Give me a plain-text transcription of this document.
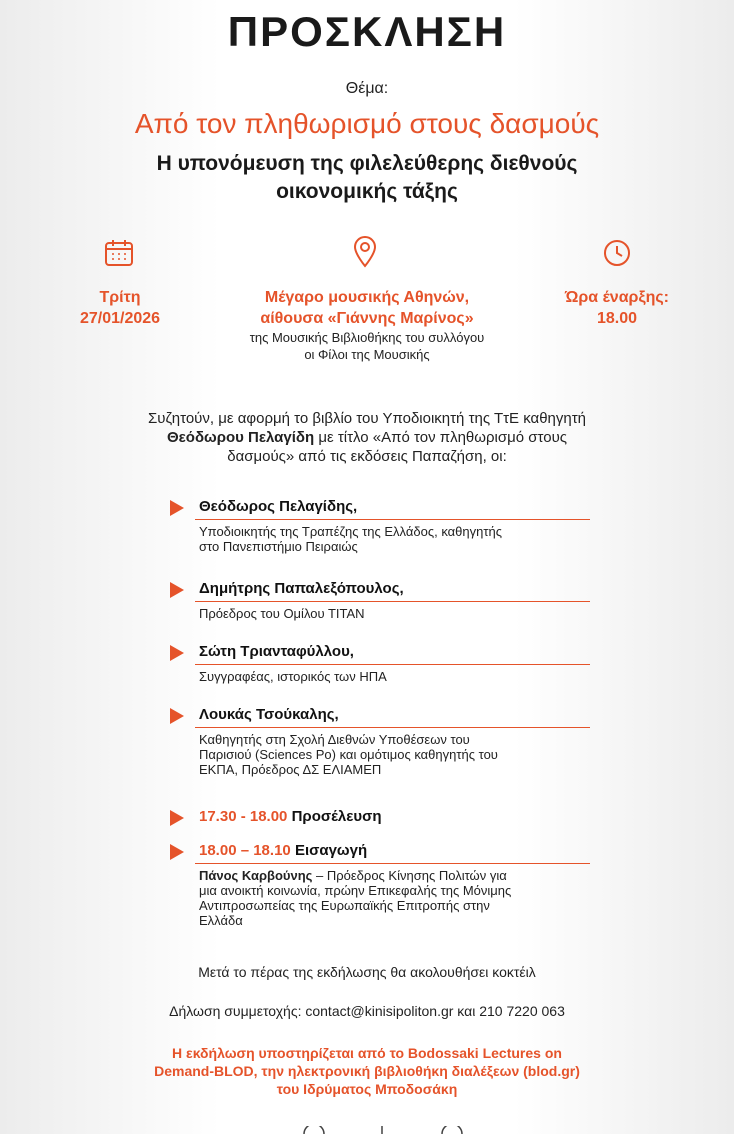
ΠΡΟΣΚΛΗΣΗ
Θέμα:
Από τον πληθωρισμό στους δασμούς
Η υπονόμευση της φιλελεύθερης διεθνούς
οικονομικής τάξης
Τρίτη
27/01/2026
Μέγαρο μουσικής Αθηνών,
αίθουσα «Γιάννης Μαρίνος»
της Μουσικής Βιβλιοθήκης του συλλόγου
οι Φίλοι της Μουσικής
Ώρα έναρξης:
18.00
Συζητούν, με αφορμή το βιβλίο του Υποδιοικητή της ΤτΕ καθηγητή
Θεόδωρου Πελαγίδη με τίτλο «Από τον πληθωρισμό στους
δασμούς» από τις εκδόσεις Παπαζήση, οι:
Θεόδωρος Πελαγίδης,
Υποδιοικητής της Τραπέζης της Ελλάδος, καθηγητής
στο Πανεπιστήμιο Πειραιώς
Δημήτρης Παπαλεξόπουλος,
Πρόεδρος του Ομίλου ΤΙΤΑΝ
Σώτη Τριανταφύλλου,
Συγγραφέας, ιστορικός των ΗΠΑ
Λουκάς Τσούκαλης,
Καθηγητής στη Σχολή Διεθνών Υποθέσεων του
Παρισιού (Sciences Po) και ομότιμος καθηγητής του
ΕΚΠΑ, Πρόεδρος ΔΣ ΕΛΙΑΜΕΠ
17.30 - 18.00 Προσέλευση
18.00 – 18.10 Εισαγωγή
Πάνος Καρβούνης – Πρόεδρος Κίνησης Πολιτών για
μια ανοικτή κοινωνία, πρώην Επικεφαλής της Μόνιμης
Αντιπροσωπείας της Ευρωπαϊκής Επιτροπής στην
Ελλάδα
Μετά το πέρας της εκδήλωσης θα ακολουθήσει κοκτέιλ
Δήλωση συμμετοχής: contact@kinisipoliton.gr και 210 7220 063
Η εκδήλωση υποστηρίζεται από το Bodossaki Lectures on
Demand-BLOD, την ηλεκτρονική βιβλιοθήκη διαλέξεων (blod.gr)
του Ιδρύματος Μποδοσάκη
